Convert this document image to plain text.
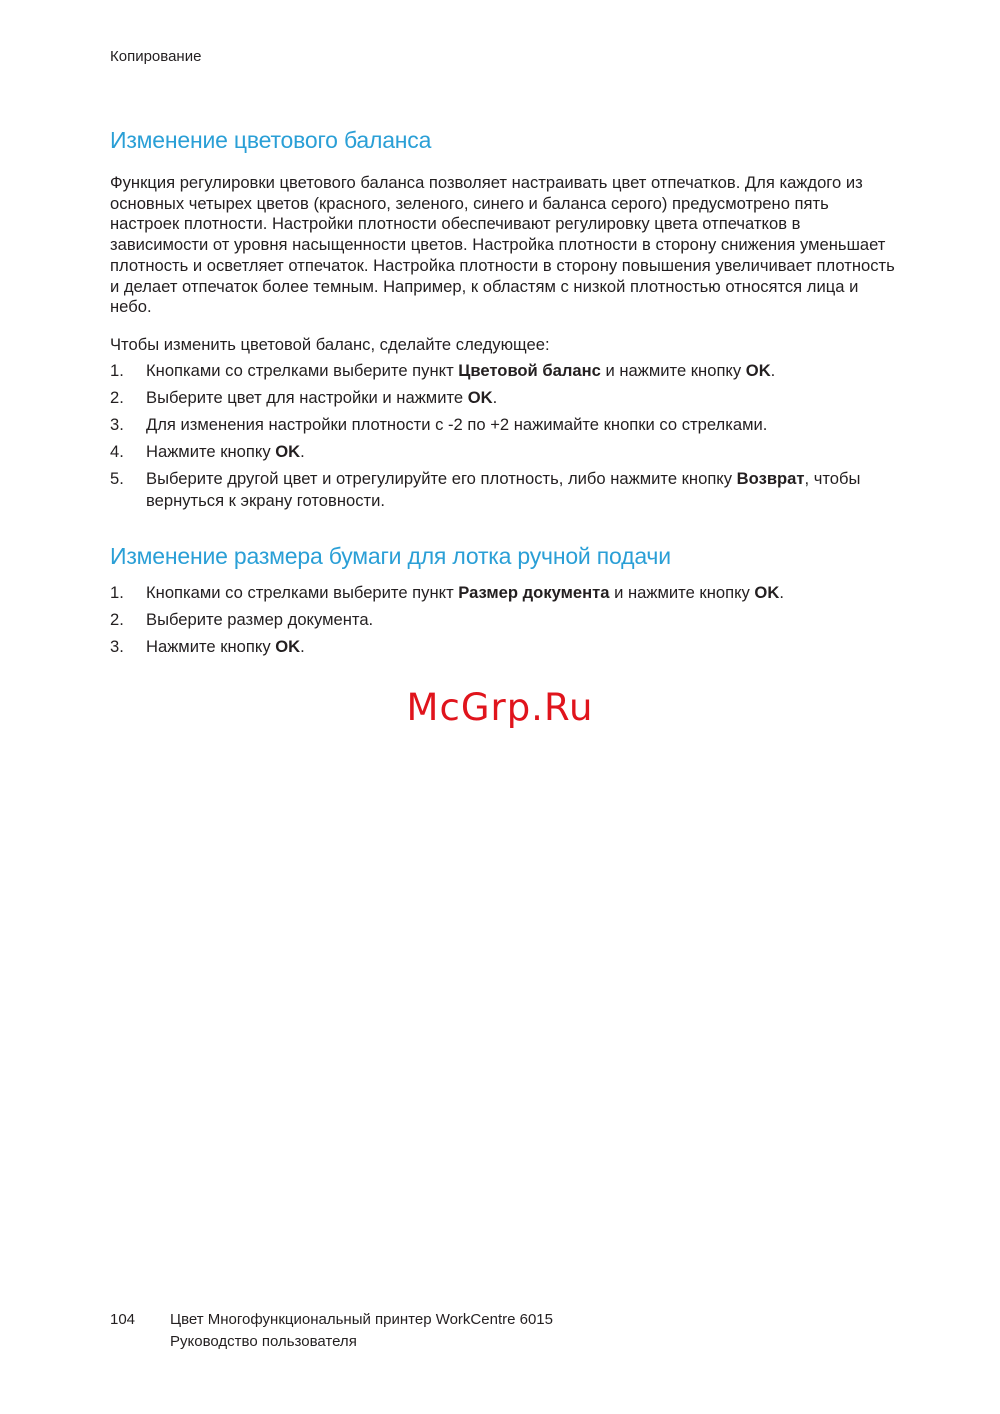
Копирование
Изменение цветового баланса

Функция регулировки цветового баланса позволяет настраивать цвет отпечатков. Для каждого из основных четырех цветов (красного, зеленого, синего и баланса серого) предусмотрено пять настроек плотности. Настройки плотности обеспечивают регулировку цвета отпечатков в зависимости от уровня насыщенности цветов. Настройка плотности в сторону снижения уменьшает плотность и осветляет отпечаток. Настройка плотности в сторону повышения увеличивает плотность и делает отпечаток более темным. Например, к областям с низкой плотностью относятся лица и небо.

Чтобы изменить цветовой баланс, сделайте следующее:

1. Кнопками со стрелками выберите пункт Цветовой баланс и нажмите кнопку OK.
2. Выберите цвет для настройки и нажмите OK.
3. Для изменения настройки плотности с -2 по +2 нажимайте кнопки со стрелками.
4. Нажмите кнопку OK.
5. Выберите другой цвет и отрегулируйте его плотность, либо нажмите кнопку Возврат, чтобы вернуться к экрану готовности.
Изменение размера бумаги для лотка ручной подачи
1. Кнопками со стрелками выберите пункт Размер документа и нажмите кнопку OK.
2. Выберите размер документа.
3. Нажмите кнопку OK.
McGrp.Ru
104 Цвет Многофункциональный принтер WorkCentre 6015
Руководство пользователя
